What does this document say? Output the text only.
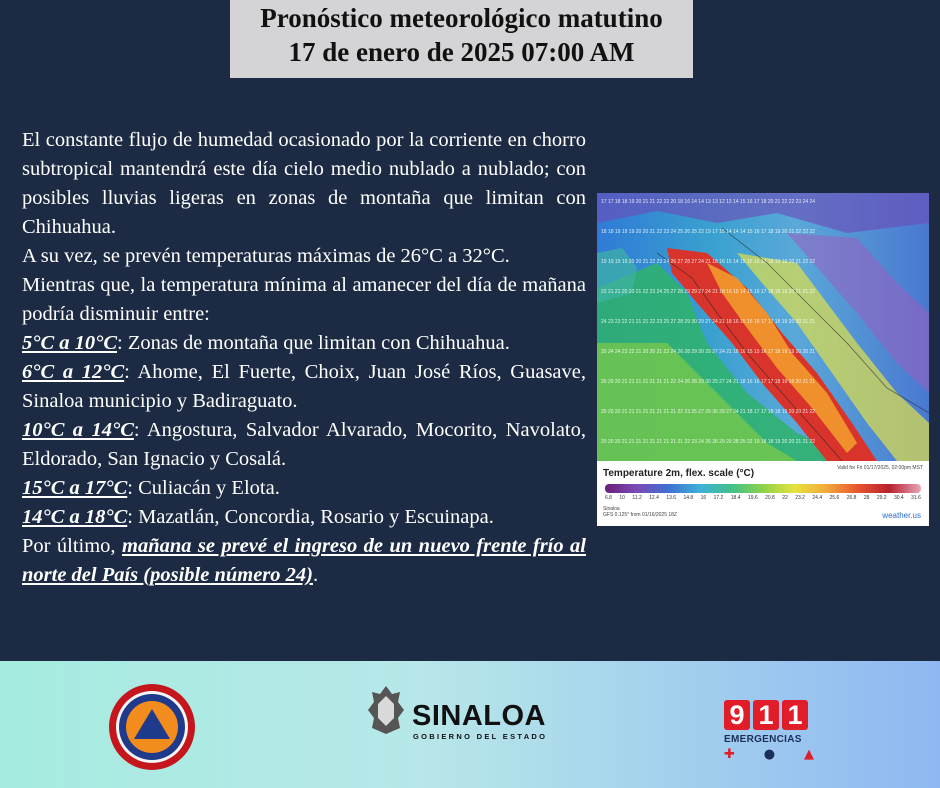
Pronóstico meteorológico matutino
17 de enero de 2025 07:00 AM

El constante flujo de humedad ocasionado por la corriente en chorro subtropical mantendrá este día cielo medio nublado a nublado; con posibles lluvias ligeras en zonas de montaña que limitan con Chihuahua.

A su vez, se prevén temperaturas máximas de 26°C a 32°C.

Mientras que, la temperatura mínima al amanecer del día de mañana podría disminuir entre:

5°C a 10°C: Zonas de montaña que limitan con Chihuahua.

6°C a 12°C: Ahome, El Fuerte, Choix, Juan José Ríos, Guasave, Sinaloa municipio y Badiraguato.

10°C a 14°C: Angostura, Salvador Alvarado, Mocorito, Navolato, Eldorado, San Ignacio y Cosalá.

15°C a 17°C: Culiacán y Elota.

14°C a 18°C: Mazatlán, Concordia, Rosario y Escuinapa.

Por último, mañana se prevé el ingreso de un nuevo frente frío al norte del País (posible número 24).

17 17 18 18 19 20 21 21 22 22 20 18 16 14 14 13 13 12 13 14 15 16 17 18 20 21 22 22 23 24 24
18 18 19 19 19 20 20 21 22 23 24 25 26 25 22 19 17 15 14 14 14 15 16 17 18 19 20 21 22 22 22
19 19 19 19 20 20 21 22 23 24 26 27 28 27 24 21 18 16 15 14 15 15 16 17 18 19 19 20 21 22 22
22 21 21 20 20 21 22 23 24 25 27 28 29 29 27 24 21 18 16 15 14 15 16 17 18 18 19 20 21 21 22
24 23 23 22 21 21 21 22 23 25 27 28 29 30 29 27 24 21 18 16 15 15 16 17 17 18 19 20 20 21 21
25 24 24 23 22 21 20 20 21 22 24 26 28 29 30 29 27 24 21 18 16 15 15 16 17 18 19 19 20 20 21
20 20 20 21 21 21 21 21 21 21 22 24 26 28 29 30 29 27 24 21 18 16 16 17 17 18 19 19 20 21 21
20 20 20 21 21 21 21 21 21 21 21 22 23 25 27 29 30 29 27 24 21 18 17 17 18 18 19 20 20 21 22
20 20 20 21 21 21 21 21 21 21 21 21 22 23 24 26 28 29 29 28 25 22 19 18 18 19 20 20 21 21 22
Temperature 2m, flex. scale (°C)	Valid for Fri 01/17/2025, 02:00pm MST
6.8 10 11.2 12.4 13.6 14.8 16 17.2 18.4 19.6 20.8 22 23.2 24.4 25.6 26.8 28 29.2 30.4 31.6
Sinaloa
GFS 0.125° from 01/16/2025 18Z	weather.us
SINALOA
GOBIERNO DEL ESTADO
9 1 1
EMERGENCIAS
✚ ● ▲
